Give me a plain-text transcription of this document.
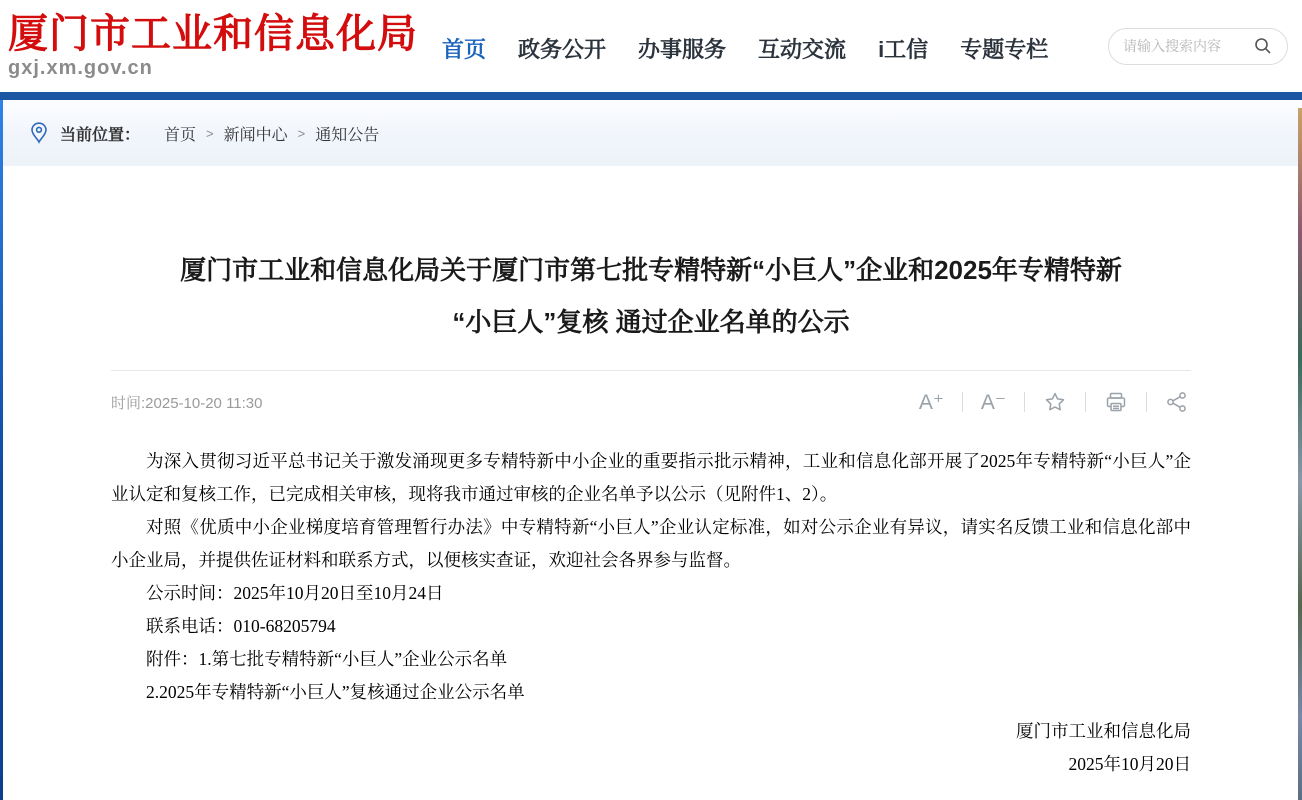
厦门市工业和信息化局
gxj.xm.gov.cn
首页 政务公开 办事服务 互动交流 i工信 专题专栏
请输入搜索内容
当前位置： 首页 > 新闻中心 > 通知公告
厦门市工业和信息化局关于厦门市第七批专精特新“小巨人”企业和2025年专精特新
“小巨人”复核 通过企业名单的公示
时间:2025-10-20 11:30	A⁺ A⁻

为深入贯彻习近平总书记关于激发涌现更多专精特新中小企业的重要指示批示精神，工业和信息化部开展了2025年专精特新“小巨人”企业认定和复核工作，已完成相关审核，现将我市通过审核的企业名单予以公示（见附件1、2）。

对照《优质中小企业梯度培育管理暂行办法》中专精特新“小巨人”企业认定标准，如对公示企业有异议，请实名反馈工业和信息化部中小企业局，并提供佐证材料和联系方式，以便核实查证，欢迎社会各界参与监督。

公示时间：2025年10月20日至10月24日

联系电话：010-68205794

附件：1.第七批专精特新“小巨人”企业公示名单

2.2025年专精特新“小巨人”复核通过企业公示名单

厦门市工业和信息化局
2025年10月20日
